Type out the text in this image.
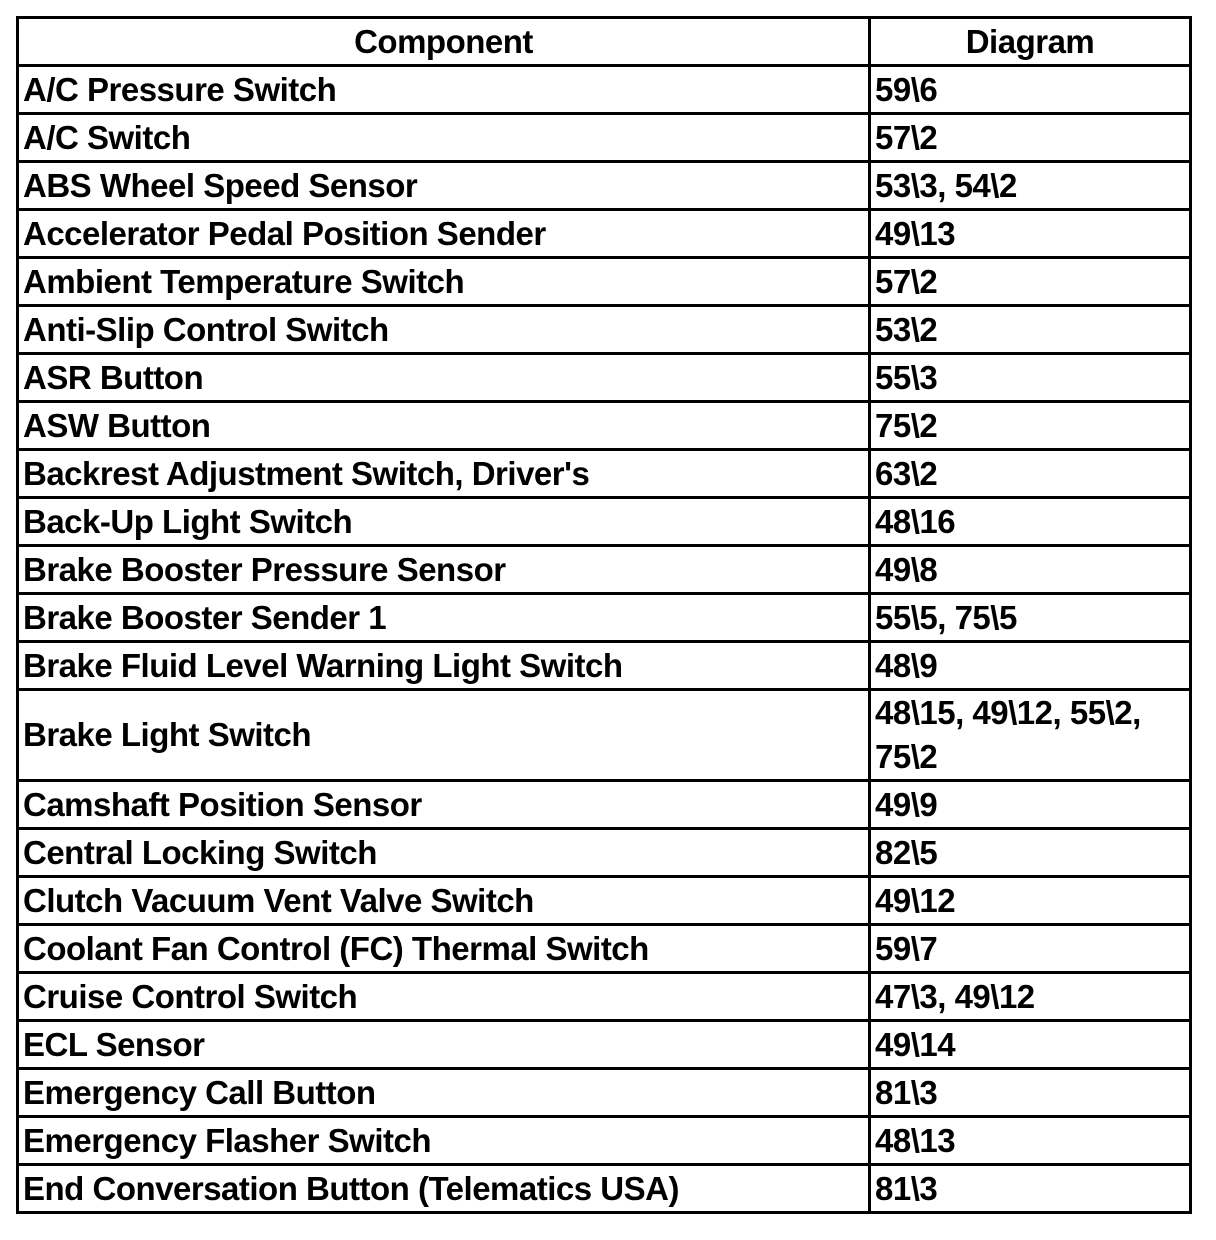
Component	Diagram
A/C Pressure Switch	59\6
A/C Switch	57\2
ABS Wheel Speed Sensor	53\3, 54\2
Accelerator Pedal Position Sender	49\13
Ambient Temperature Switch	57\2
Anti-Slip Control Switch	53\2
ASR Button	55\3
ASW Button	75\2
Backrest Adjustment Switch, Driver's	63\2
Back-Up Light Switch	48\16
Brake Booster Pressure Sensor	49\8
Brake Booster Sender 1	55\5, 75\5
Brake Fluid Level Warning Light Switch	48\9
Brake Light Switch	48\15, 49\12, 55\2, 75\2
Camshaft Position Sensor	49\9
Central Locking Switch	82\5
Clutch Vacuum Vent Valve Switch	49\12
Coolant Fan Control (FC) Thermal Switch	59\7
Cruise Control Switch	47\3, 49\12
ECL Sensor	49\14
Emergency Call Button	81\3
Emergency Flasher Switch	48\13
End Conversation Button (Telematics USA)	81\3
